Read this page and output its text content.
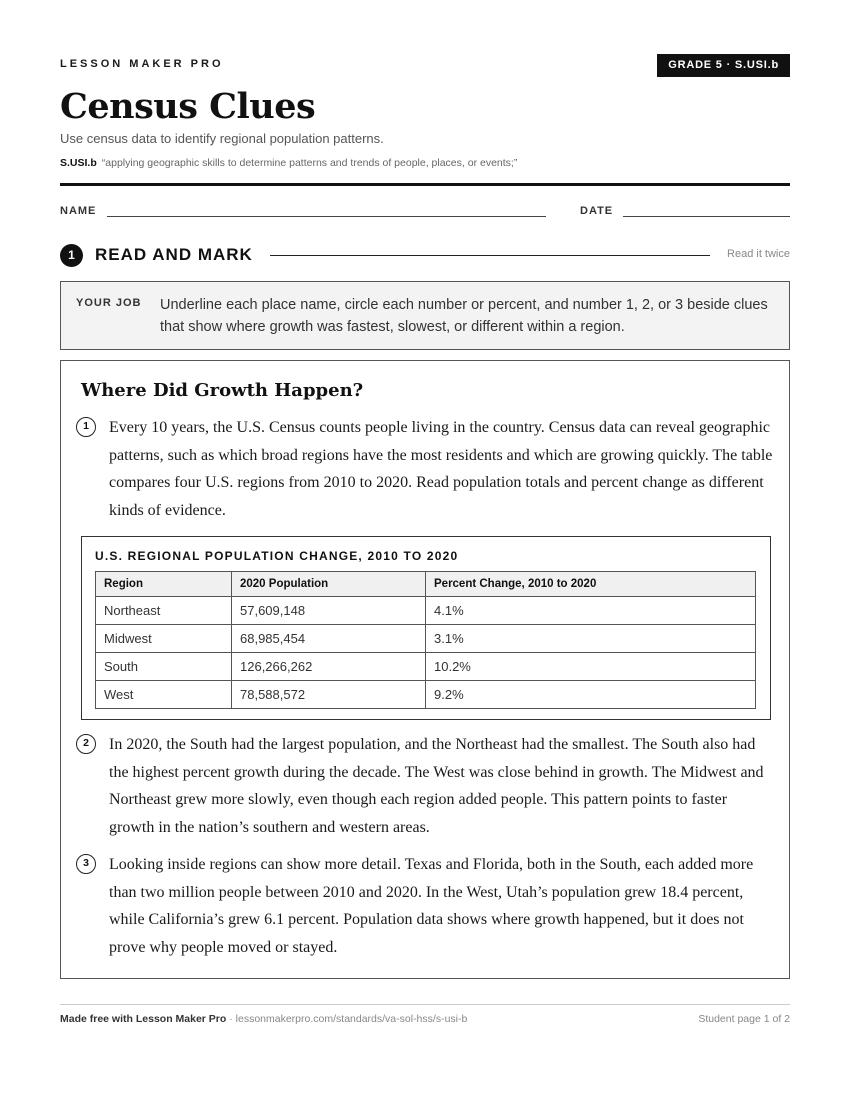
LESSON MAKER PRO	GRADE 5 · S.USI.b
Census Clues
Use census data to identify regional population patterns.
S.USI.b “applying geographic skills to determine patterns and trends of people, places, or events;”
NAME	DATE
1	READ AND MARK	Read it twice
YOUR JOB Underline each place name, circle each number or percent, and number 1, 2, or 3 beside clues that show where growth was fastest, slowest, or different within a region.
Where Did Growth Happen?
1	Every 10 years, the U.S. Census counts people living in the country. Census data can reveal geographic patterns, such as which broad regions have the most residents and which are growing quickly. The table compares four U.S. regions from 2010 to 2020. Read population totals and percent change as different kinds of evidence.
U.S. REGIONAL POPULATION CHANGE, 2010 TO 2020
Region	2020 Population	Percent Change, 2010 to 2020
Northeast	57,609,148	4.1%
Midwest	68,985,454	3.1%
South	126,266,262	10.2%
West	78,588,572	9.2%
2	In 2020, the South had the largest population, and the Northeast had the smallest. The South also had the highest percent growth during the decade. The West was close behind in growth. The Midwest and Northeast grew more slowly, even though each region added people. This pattern points to faster growth in the nation’s southern and western areas.
3	Looking inside regions can show more detail. Texas and Florida, both in the South, each added more than two million people between 2010 and 2020. In the West, Utah’s population grew 18.4 percent, while California’s grew 6.1 percent. Population data shows where growth happened, but it does not prove why people moved or stayed.
Made free with Lesson Maker Pro · lessonmakerpro.com/standards/va-sol-hss/s-usi-b	Student page 1 of 2
